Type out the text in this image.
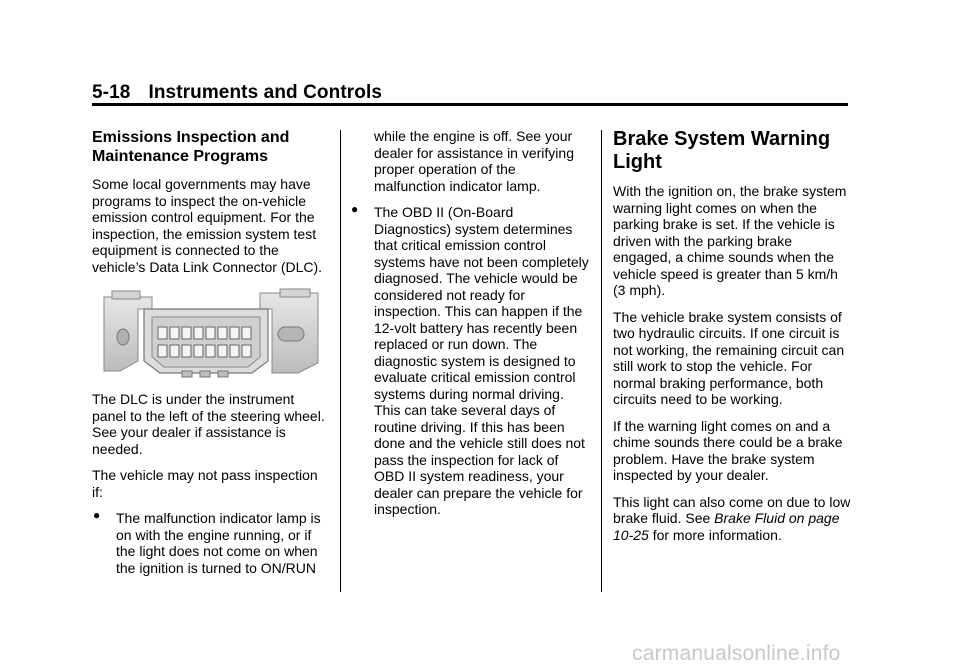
5-18 Instruments and Controls
Emissions Inspection and Maintenance Programs

Some local governments may have programs to inspect the on-vehicle emission control equipment. For the inspection, the emission system test equipment is connected to the vehicle’s Data Link Connector (DLC).

The DLC is under the instrument panel to the left of the steering wheel. See your dealer if assistance is needed.

The vehicle may not pass inspection if:

● The malfunction indicator lamp is on with the engine running, or if the light does not come on when the ignition is turned to ON/RUN

while the engine is off. See your dealer for assistance in verifying proper operation of the malfunction indicator lamp.

● The OBD II (On-Board Diagnostics) system determines that critical emission control systems have not been completely diagnosed. The vehicle would be considered not ready for inspection. This can happen if the 12-volt battery has recently been replaced or run down. The diagnostic system is designed to evaluate critical emission control systems during normal driving. This can take several days of routine driving. If this has been done and the vehicle still does not pass the inspection for lack of OBD II system readiness, your dealer can prepare the vehicle for inspection.
Brake System Warning Light

With the ignition on, the brake system warning light comes on when the parking brake is set. If the vehicle is driven with the parking brake engaged, a chime sounds when the vehicle speed is greater than 5 km/h (3 mph).

The vehicle brake system consists of two hydraulic circuits. If one circuit is not working, the remaining circuit can still work to stop the vehicle. For normal braking performance, both circuits need to be working.

If the warning light comes on and a chime sounds there could be a brake problem. Have the brake system inspected by your dealer.

This light can also come on due to low brake fluid. See Brake Fluid on page 10-25 for more information.

carmanualsonline.info
